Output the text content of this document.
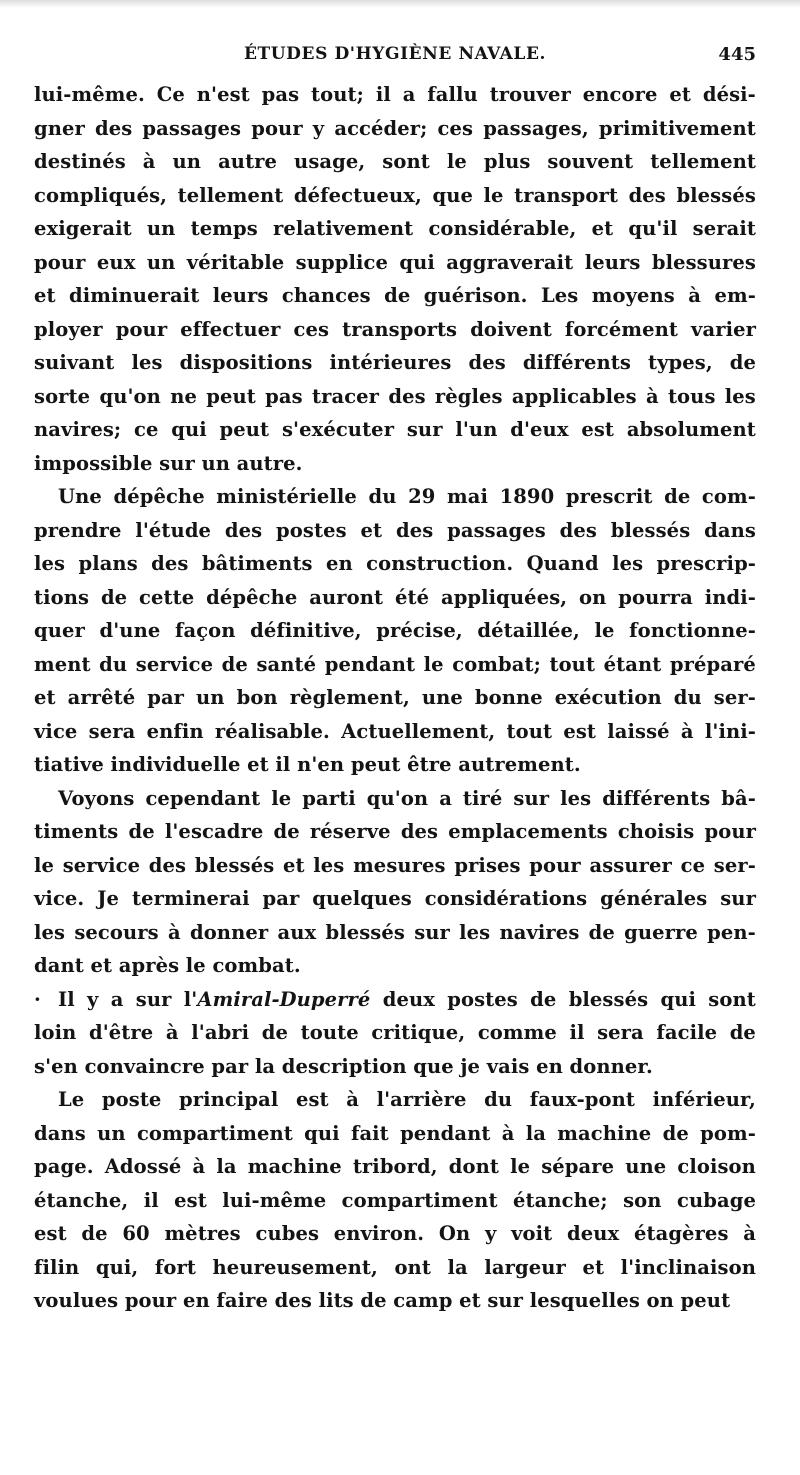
ÉTUDES D'HYGIÈNE NAVALE.	445
lui-même. Ce n'est pas tout; il a fallu trouver encore et dési-
gner des passages pour y accéder; ces passages, primitivement
destinés à un autre usage, sont le plus souvent tellement
compliqués, tellement défectueux, que le transport des blessés
exigerait un temps relativement considérable, et qu'il serait
pour eux un véritable supplice qui aggraverait leurs blessures
et diminuerait leurs chances de guérison. Les moyens à em-
ployer pour effectuer ces transports doivent forcément varier
suivant les dispositions intérieures des différents types, de
sorte qu'on ne peut pas tracer des règles applicables à tous les
navires; ce qui peut s'exécuter sur l'un d'eux est absolument
impossible sur un autre.
Une dépêche ministérielle du 29 mai 1890 prescrit de com-
prendre l'étude des postes et des passages des blessés dans
les plans des bâtiments en construction. Quand les prescrip-
tions de cette dépêche auront été appliquées, on pourra indi-
quer d'une façon définitive, précise, détaillée, le fonctionne-
ment du service de santé pendant le combat; tout étant préparé
et arrêté par un bon règlement, une bonne exécution du ser-
vice sera enfin réalisable. Actuellement, tout est laissé à l'ini-
tiative individuelle et il n'en peut être autrement.
Voyons cependant le parti qu'on a tiré sur les différents bâ-
timents de l'escadre de réserve des emplacements choisis pour
le service des blessés et les mesures prises pour assurer ce ser-
vice. Je terminerai par quelques considérations générales sur
les secours à donner aux blessés sur les navires de guerre pen-
dant et après le combat.
· Il y a sur l'Amiral-Duperré deux postes de blessés qui sont
loin d'être à l'abri de toute critique, comme il sera facile de
s'en convaincre par la description que je vais en donner.
Le poste principal est à l'arrière du faux-pont inférieur,
dans un compartiment qui fait pendant à la machine de pom-
page. Adossé à la machine tribord, dont le sépare une cloison
étanche, il est lui-même compartiment étanche; son cubage
est de 60 mètres cubes environ. On y voit deux étagères à
filin qui, fort heureusement, ont la largeur et l'inclinaison
voulues pour en faire des lits de camp et sur lesquelles on peut
